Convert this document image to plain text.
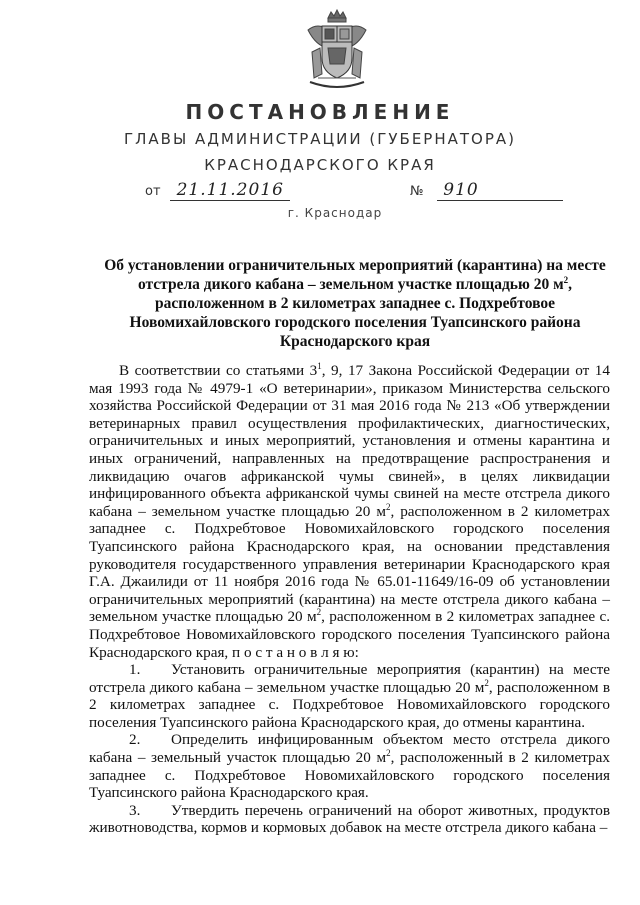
ПОСТАНОВЛЕНИЕ
ГЛАВЫ АДМИНИСТРАЦИИ (ГУБЕРНАТОРА)
КРАСНОДАРСКОГО КРАЯ
от 21.11.2016	№ 910
г. Краснодар
Об установлении ограничительных мероприятий (карантина) на месте
отстрела дикого кабана – земельном участке площадью 20 $м^2$,
расположенном в 2 километрах западнее с. Подхребтовое
Новомихайловского городского поселения Туапсинского района
Краснодарского края

В соответствии со статьями $3^1$, 9, 17 Закона Российской Федерации от 14 мая 1993 года № 4979-1 «О ветеринарии», приказом Министерства сельского хозяйства Российской Федерации от 31 мая 2016 года № 213 «Об утверждении ветеринарных правил осуществления профилактических, диагностических, ограничительных и иных мероприятий, установления и отмены карантина и иных ограничений, направленных на предотвращение распространения и ликвидацию очагов африканской чумы свиней», в целях ликвидации инфицированного объекта африканской чумы свиней на месте отстрела дикого кабана – земельном участке площадью 20 $м^2$, расположенном в 2 километрах западнее с. Подхребтовое Новомихайловского городского поселения Туапсинского района Краснодарского края, на основании представления руководителя государственного управления ветеринарии Краснодарского края Г.А. Джаилиди от 11 ноября 2016 года № 65.01-11649/16-09 об установлении ограничительных мероприятий (карантина) на месте отстрела дикого кабана – земельном участке площадью 20 $м^2$, расположенном в 2 километрах западнее с. Подхребтовое Новомихайловского городского поселения Туапсинского района Краснодарского края, п о с т а н о в л я ю:

1. Установить ограничительные мероприятия (карантин) на месте отстрела дикого кабана – земельном участке площадью 20 $м^2$, расположенном в 2 километрах западнее с. Подхребтовое Новомихайловского городского поселения Туапсинского района Краснодарского края, до отмены карантина.

2. Определить инфицированным объектом место отстрела дикого кабана – земельный участок площадью 20 $м^2$, расположенный в 2 километрах западнее с. Подхребтовое Новомихайловского городского поселения Туапсинского района Краснодарского края.

3. Утвердить перечень ограничений на оборот животных, продуктов животноводства, кормов и кормовых добавок на месте отстрела дикого кабана –
